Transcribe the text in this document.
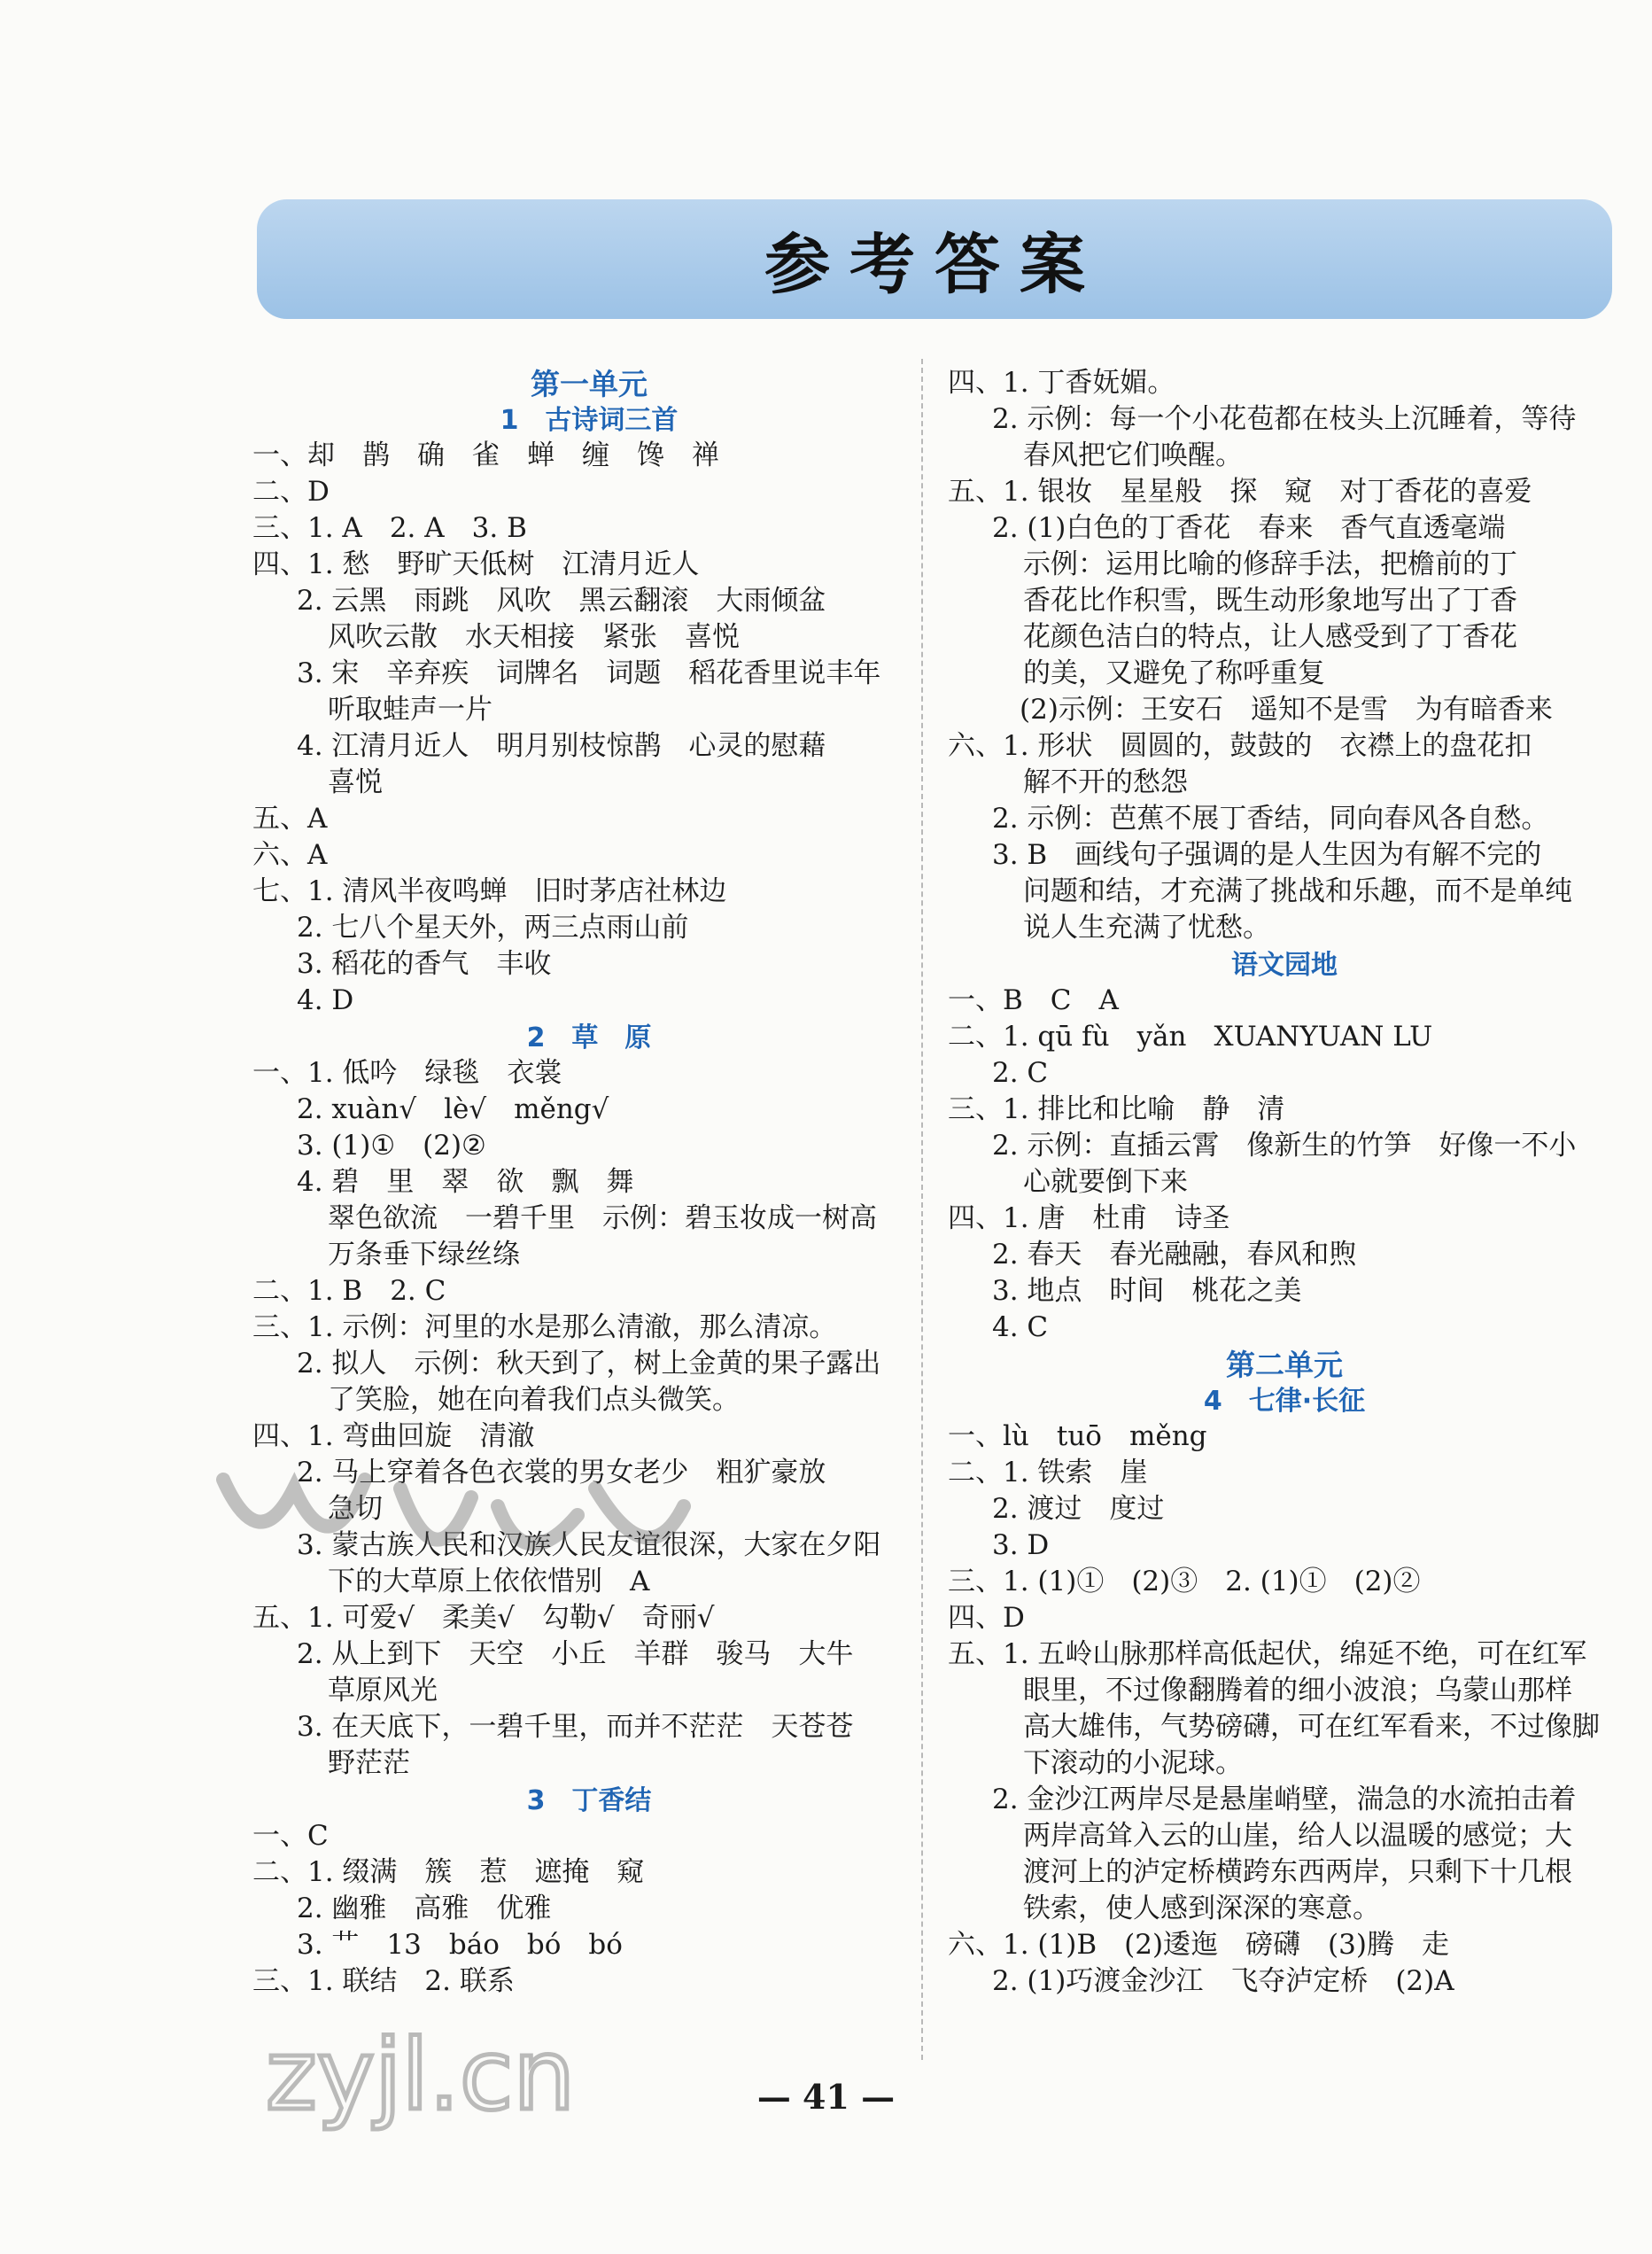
参考答案
第一单元
1　古诗词三首
一、却　鹊　确　雀　蝉　缠　馋　禅
二、D
三、1. A　2. A　3. B
四、1. 愁　野旷天低树　江清月近人
2. 云黑　雨跳　风吹　黑云翻滚　大雨倾盆
风吹云散　水天相接　紧张　喜悦
3. 宋　辛弃疾　词牌名　词题　稻花香里说丰年
听取蛙声一片
4. 江清月近人　明月别枝惊鹊　心灵的慰藉
喜悦
五、A
六、A
七、1. 清风半夜鸣蝉　旧时茅店社林边
2. 七八个星天外，两三点雨山前
3. 稻花的香气　丰收
4. D
2　草　原
一、1. 低吟　绿毯　衣裳
2. xuàn√　lè√　měng√
3. (1)①　(2)②
4. 碧　里　翠　欲　飘　舞
翠色欲流　一碧千里　示例：碧玉妆成一树高
万条垂下绿丝绦
二、1. B　2. C
三、1. 示例：河里的水是那么清澈，那么清凉。
2. 拟人　示例：秋天到了，树上金黄的果子露出
了笑脸，她在向着我们点头微笑。
四、1. 弯曲回旋　清澈
2. 马上穿着各色衣裳的男女老少　粗犷豪放
急切
3. 蒙古族人民和汉族人民友谊很深，大家在夕阳
下的大草原上依依惜别　A
五、1. 可爱√　柔美√　勾勒√　奇丽√
2. 从上到下　天空　小丘　羊群　骏马　大牛
草原风光
3. 在天底下，一碧千里，而并不茫茫　天苍苍
野茫茫
3　丁香结
一、C
二、1. 缀满　簇　惹　遮掩　窥
2. 幽雅　高雅　优雅
3. 艹　13　báo　bó　bó
三、1. 联结　2. 联系
四、1. 丁香妩媚。
2. 示例：每一个小花苞都在枝头上沉睡着，等待
春风把它们唤醒。
五、1. 银妆　星星般　探　窥　对丁香花的喜爱
2. (1)白色的丁香花　春来　香气直透毫端
示例：运用比喻的修辞手法，把檐前的丁
香花比作积雪，既生动形象地写出了丁香
花颜色洁白的特点，让人感受到了丁香花
的美，又避免了称呼重复
　(2)示例：王安石　遥知不是雪　为有暗香来
六、1. 形状　圆圆的，鼓鼓的　衣襟上的盘花扣
解不开的愁怨
2. 示例：芭蕉不展丁香结，同向春风各自愁。
3. B　画线句子强调的是人生因为有解不完的
问题和结，才充满了挑战和乐趣，而不是单纯
说人生充满了忧愁。
语文园地
一、B　C　A
二、1. qū fù　yǎn　XUANYUAN LU
2. C
三、1. 排比和比喻　静　清
2. 示例：直插云霄　像新生的竹笋　好像一不小
心就要倒下来
四、1. 唐　杜甫　诗圣
2. 春天　春光融融，春风和煦
3. 地点　时间　桃花之美
4. C
第二单元
4　七律·长征
一、lù　tuō　měng
二、1. 铁索　崖
2. 渡过　度过
3. D
三、1. (1)①　(2)③　2. (1)①　(2)②
四、D
五、1. 五岭山脉那样高低起伏，绵延不绝，可在红军
眼里，不过像翻腾着的细小波浪；乌蒙山那样
高大雄伟，气势磅礴，可在红军看来，不过像脚
下滚动的小泥球。
2. 金沙江两岸尽是悬崖峭壁，湍急的水流拍击着
两岸高耸入云的山崖，给人以温暖的感觉；大
渡河上的泸定桥横跨东西两岸，只剩下十几根
铁索，使人感到深深的寒意。
六、1. (1)B　(2)逶迤　磅礴　(3)腾　走
2. (1)巧渡金沙江　飞夺泸定桥　(2)A
— 41 —
zyjl.cn
